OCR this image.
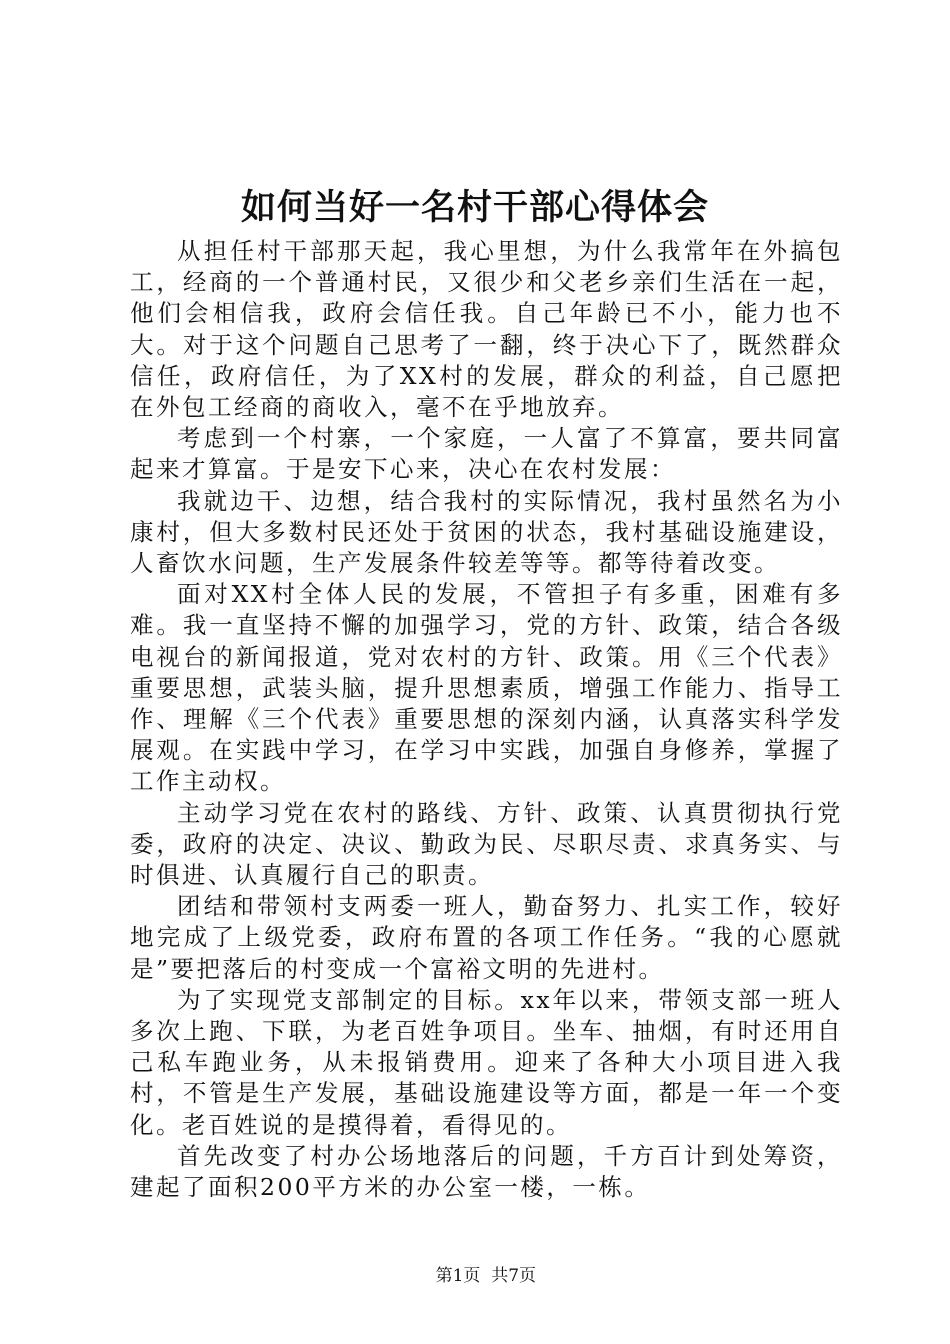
如何当好一名村干部心得体会

从担任村干部那天起，我心里想，为什么我常年在外搞包工，经商的一个普通村民，又很少和父老乡亲们生活在一起，他们会相信我，政府会信任我。自己年龄已不小，能力也不大。对于这个问题自己思考了一翻，终于决心下了，既然群众信任，政府信任，为了XX村的发展，群众的利益，自己愿把在外包工经商的商收入，毫不在乎地放弃。

考虑到一个村寨，一个家庭，一人富了不算富，要共同富起来才算富。于是安下心来，决心在农村发展：

我就边干、边想，结合我村的实际情况，我村虽然名为小康村，但大多数村民还处于贫困的状态，我村基础设施建设，人畜饮水问题，生产发展条件较差等等。都等待着改变。

面对XX村全体人民的发展，不管担子有多重，困难有多难。我一直坚持不懈的加强学习，党的方针、政策，结合各级电视台的新闻报道，党对农村的方针、政策。用《三个代表》重要思想，武装头脑，提升思想素质，增强工作能力、指导工作、理解《三个代表》重要思想的深刻内涵，认真落实科学发展观。在实践中学习，在学习中实践，加强自身修养，掌握了工作主动权。

主动学习党在农村的路线、方针、政策、认真贯彻执行党委，政府的决定、决议、勤政为民、尽职尽责、求真务实、与时俱进、认真履行自己的职责。

团结和带领村支两委一班人，勤奋努力、扎实工作，较好地完成了上级党委，政府布置的各项工作任务。“我的心愿就是”要把落后的村变成一个富裕文明的先进村。

为了实现党支部制定的目标。xx年以来，带领支部一班人多次上跑、下联，为老百姓争项目。坐车、抽烟，有时还用自己私车跑业务，从未报销费用。迎来了各种大小项目进入我村，不管是生产发展，基础设施建设等方面，都是一年一个变化。老百姓说的是摸得着，看得见的。

首先改变了村办公场地落后的问题，千方百计到处筹资，建起了面积200平方米的办公室一楼，一栋。

第1页  共7页
